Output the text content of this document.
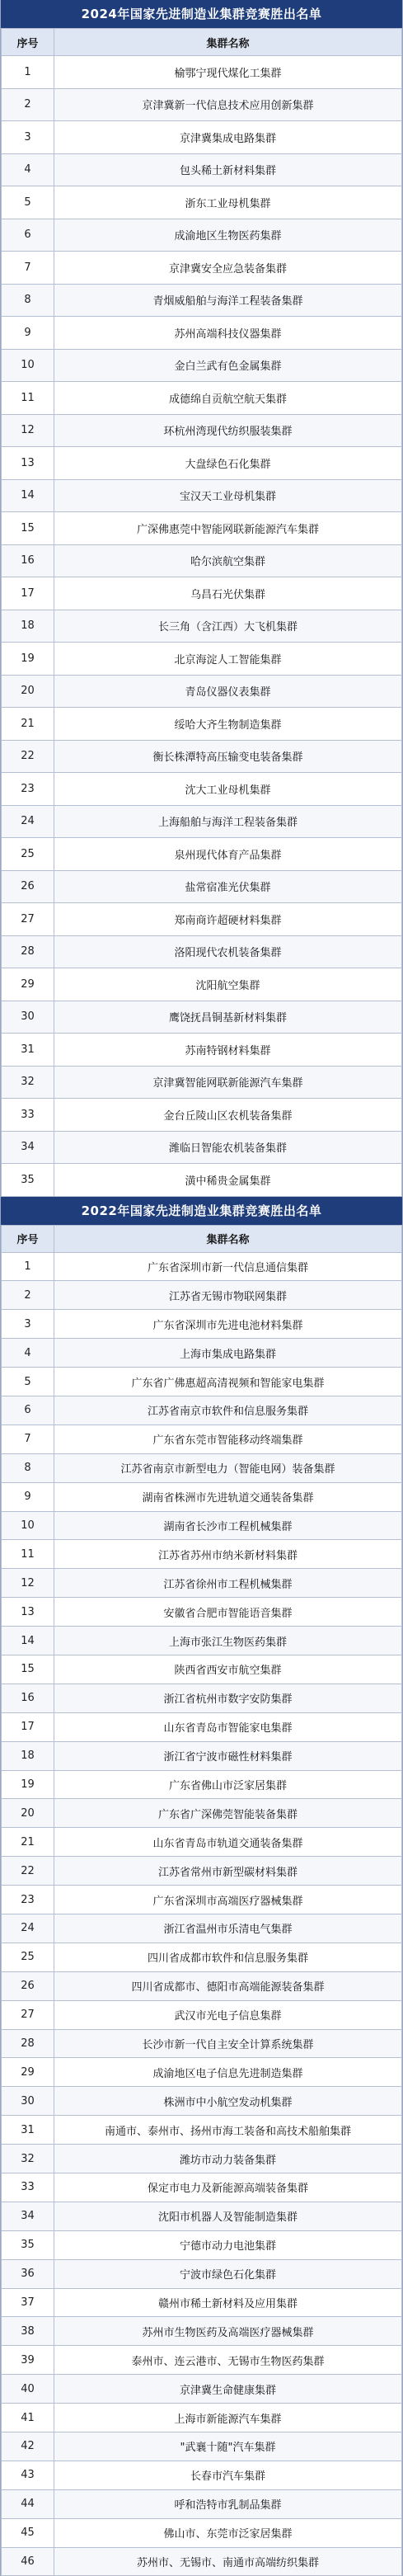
2024年国家先进制造业集群竞赛胜出名单
序号	集群名称
1	榆鄂宁现代煤化工集群
2	京津冀新一代信息技术应用创新集群
3	京津冀集成电路集群
4	包头稀土新材料集群
5	浙东工业母机集群
6	成渝地区生物医药集群
7	京津冀安全应急装备集群
8	青烟威船舶与海洋工程装备集群
9	苏州高端科技仪器集群
10	金白兰武有色金属集群
11	成德绵自贡航空航天集群
12	环杭州湾现代纺织服装集群
13	大盘绿色石化集群
14	宝汉天工业母机集群
15	广深佛惠莞中智能网联新能源汽车集群
16	哈尔滨航空集群
17	乌昌石光伏集群
18	长三角（含江西）大飞机集群
19	北京海淀人工智能集群
20	青岛仪器仪表集群
21	绥哈大齐生物制造集群
22	衡长株潭特高压输变电装备集群
23	沈大工业母机集群
24	上海船舶与海洋工程装备集群
25	泉州现代体育产品集群
26	盐常宿准光伏集群
27	郑南商许超硬材料集群
28	洛阳现代农机装备集群
29	沈阳航空集群
30	鹰饶抚昌铜基新材料集群
31	苏南特钢材料集群
32	京津冀智能网联新能源汽车集群
33	金台丘陵山区农机装备集群
34	潍临日智能农机装备集群
35	潢中稀贵金属集群
2022年国家先进制造业集群竞赛胜出名单
序号	集群名称
1	广东省深圳市新一代信息通信集群
2	江苏省无锡市物联网集群
3	广东省深圳市先进电池材料集群
4	上海市集成电路集群
5	广东省广佛惠超高清视频和智能家电集群
6	江苏省南京市软件和信息服务集群
7	广东省东莞市智能移动终端集群
8	江苏省南京市新型电力（智能电网）装备集群
9	湖南省株洲市先进轨道交通装备集群
10	湖南省长沙市工程机械集群
11	江苏省苏州市纳米新材料集群
12	江苏省徐州市工程机械集群
13	安徽省合肥市智能语音集群
14	上海市张江生物医药集群
15	陕西省西安市航空集群
16	浙江省杭州市数字安防集群
17	山东省青岛市智能家电集群
18	浙江省宁波市磁性材料集群
19	广东省佛山市泛家居集群
20	广东省广深佛莞智能装备集群
21	山东省青岛市轨道交通装备集群
22	江苏省常州市新型碳材料集群
23	广东省深圳市高端医疗器械集群
24	浙江省温州市乐清电气集群
25	四川省成都市软件和信息服务集群
26	四川省成都市、德阳市高端能源装备集群
27	武汉市光电子信息集群
28	长沙市新一代自主安全计算系统集群
29	成渝地区电子信息先进制造集群
30	株洲市中小航空发动机集群
31	南通市、泰州市、扬州市海工装备和高技术船舶集群
32	潍坊市动力装备集群
33	保定市电力及新能源高端装备集群
34	沈阳市机器人及智能制造集群
35	宁德市动力电池集群
36	宁波市绿色石化集群
37	赣州市稀土新材料及应用集群
38	苏州市生物医药及高端医疗器械集群
39	泰州市、连云港市、无锡市生物医药集群
40	京津冀生命健康集群
41	上海市新能源汽车集群
42	"武襄十随"汽车集群
43	长春市汽车集群
44	呼和浩特市乳制品集群
45	佛山市、东莞市泛家居集群
46	苏州市、无锡市、南通市高端纺织集群
